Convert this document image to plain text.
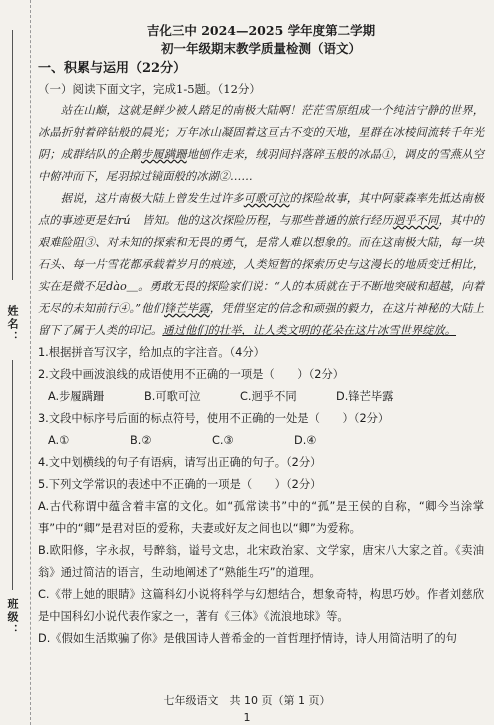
姓名：
班级：

吉化三中 2024—2025 学年度第二学期

初一年级期末教学质量检测（语文）

一、积累与运用（22分）
（一）阅读下面文字，完成1-5题。（12分）

站在山巅，这就是鲜少被人踏足的南极大陆啊！茫茫雪原组成一个纯洁宁静的世界，冰晶折射着碎钻般的晨光；万年冰山凝固着这亘古不变的天地，星群在冰棱间流转千年光阴；成群结队的企鹅步履蹒跚地刨作走来，绒羽间抖落碎玉般的冰晶①，调皮的雪燕从空中俯冲而下，尾羽掠过镜面般的冰湖②……

据说，这片南极大陆上曾发生过许多可歌可泣的探险故事，其中阿蒙森率先抵达南极点的事迹更是妇rú　皆知。他的这次探险历程，与那些普通的旅行经历迥乎不同，其中的艰难险阻③、对未知的探索和无畏的勇气，是常人难以想象的。而在这南极大陆，每一块石头、每一片雪花都承载着岁月的痕迹，人类短暂的探索历史与这漫长的地质变迁相比，实在是微不足dào＿。勇敢无畏的探险家们说：“人的本质就在于不断地突破和超越，向着无尽的未知前行④。”他们锋芒毕露，凭借坚定的信念和顽强的毅力，在这片神秘的大陆上留下了属于人类的印记。通过他们的壮举，让人类文明的花朵在这片冰雪世界绽放。

1.根据拼音写汉字，给加点的字注音。（4分）
2.文段中画波浪线的成语使用不正确的一项是（　　）（2分）
A.步履蹒跚	B.可歌可泣	C.迥乎不同	D.锋芒毕露
3.文段中标序号后面的标点符号，使用不正确的一处是（　　）（2分）
A.①	B.②	C.③	D.④
4.文中划横线的句子有语病，请写出正确的句子。（2分）
5.下列文学常识的表述中不正确的一项是（　　）（2分）
A.古代称谓中蕴含着丰富的文化。如“孤常读书”中的“孤”是王侯的自称，“卿今当涂掌事”中的“卿”是君对臣的爱称，夫妻或好友之间也以“卿”为爱称。
B.欧阳修，字永叔，号醉翁，谥号文忠，北宋政治家、文学家，唐宋八大家之首。《卖油翁》通过简洁的语言，生动地阐述了“熟能生巧”的道理。
C.《带上她的眼睛》这篇科幻小说将科学与幻想结合，想象奇特，构思巧妙。作者刘慈欣是中国科幻小说代表作家之一，著有《三体》《流浪地球》等。
D.《假如生活欺骗了你》是俄国诗人普希金的一首哲理抒情诗，诗人用简洁明了的句
七年级语文　共 10 页（第 1 页）
1
